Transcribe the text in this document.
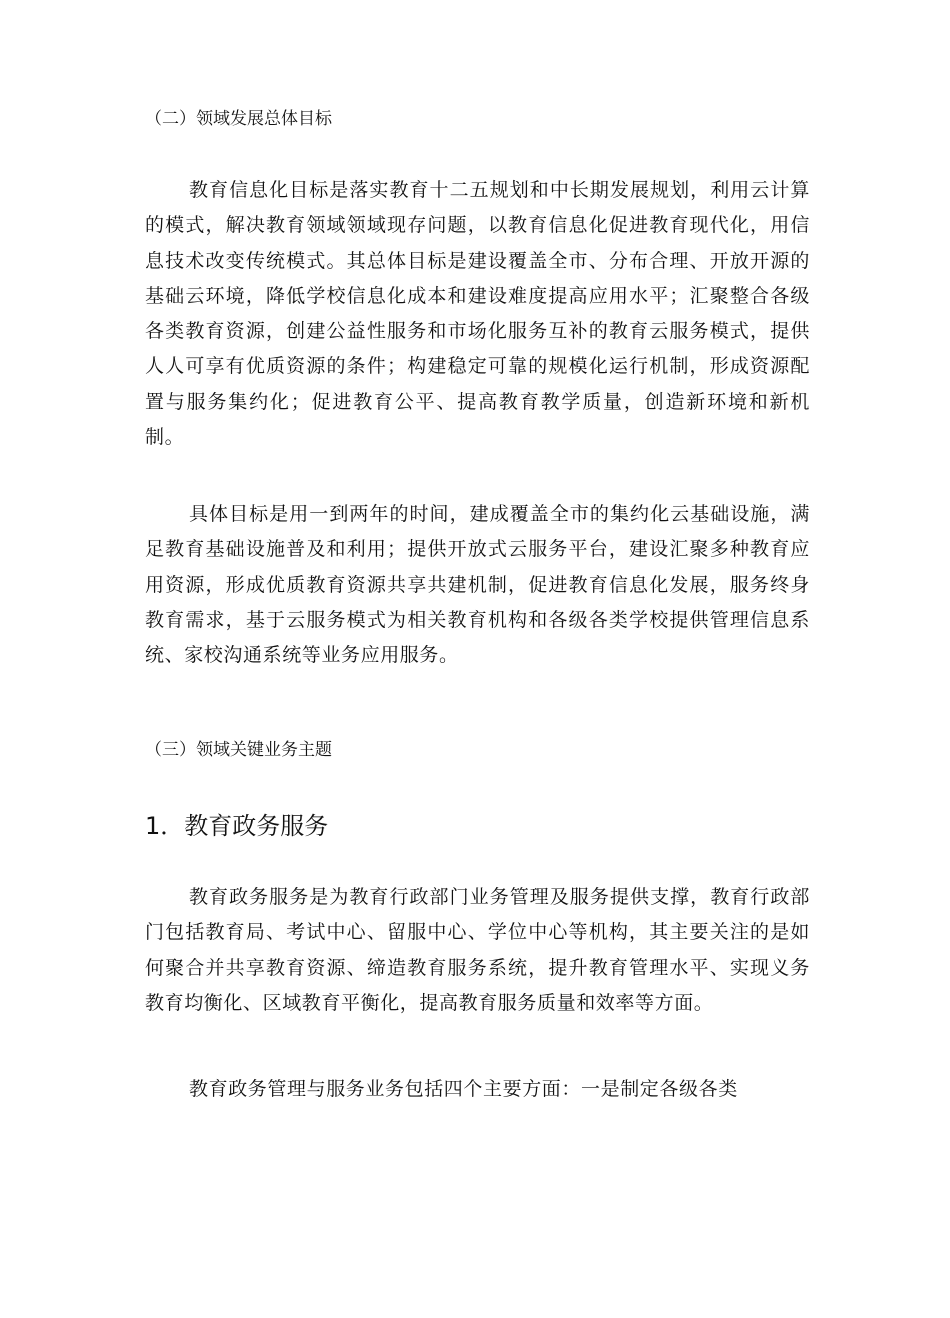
（二）领域发展总体目标

教育信息化目标是落实教育十二五规划和中长期发展规划，利用云计算的模式，解决教育领域领域现存问题，以教育信息化促进教育现代化，用信息技术改变传统模式。其总体目标是建设覆盖全市、分布合理、开放开源的基础云环境，降低学校信息化成本和建设难度提高应用水平；汇聚整合各级各类教育资源，创建公益性服务和市场化服务互补的教育云服务模式，提供人人可享有优质资源的条件；构建稳定可靠的规模化运行机制，形成资源配置与服务集约化；促进教育公平、提高教育教学质量，创造新环境和新机制。

具体目标是用一到两年的时间，建成覆盖全市的集约化云基础设施，满足教育基础设施普及和利用；提供开放式云服务平台，建设汇聚多种教育应用资源，形成优质教育资源共享共建机制，促进教育信息化发展，服务终身教育需求，基于云服务模式为相关教育机构和各级各类学校提供管理信息系统、家校沟通系统等业务应用服务。

（三）领域关键业务主题
1．教育政务服务

教育政务服务是为教育行政部门业务管理及服务提供支撑，教育行政部门包括教育局、考试中心、留服中心、学位中心等机构，其主要关注的是如何聚合并共享教育资源、缔造教育服务系统，提升教育管理水平、实现义务教育均衡化、区域教育平衡化，提高教育服务质量和效率等方面。

教育政务管理与服务业务包括四个主要方面：一是制定各级各类
